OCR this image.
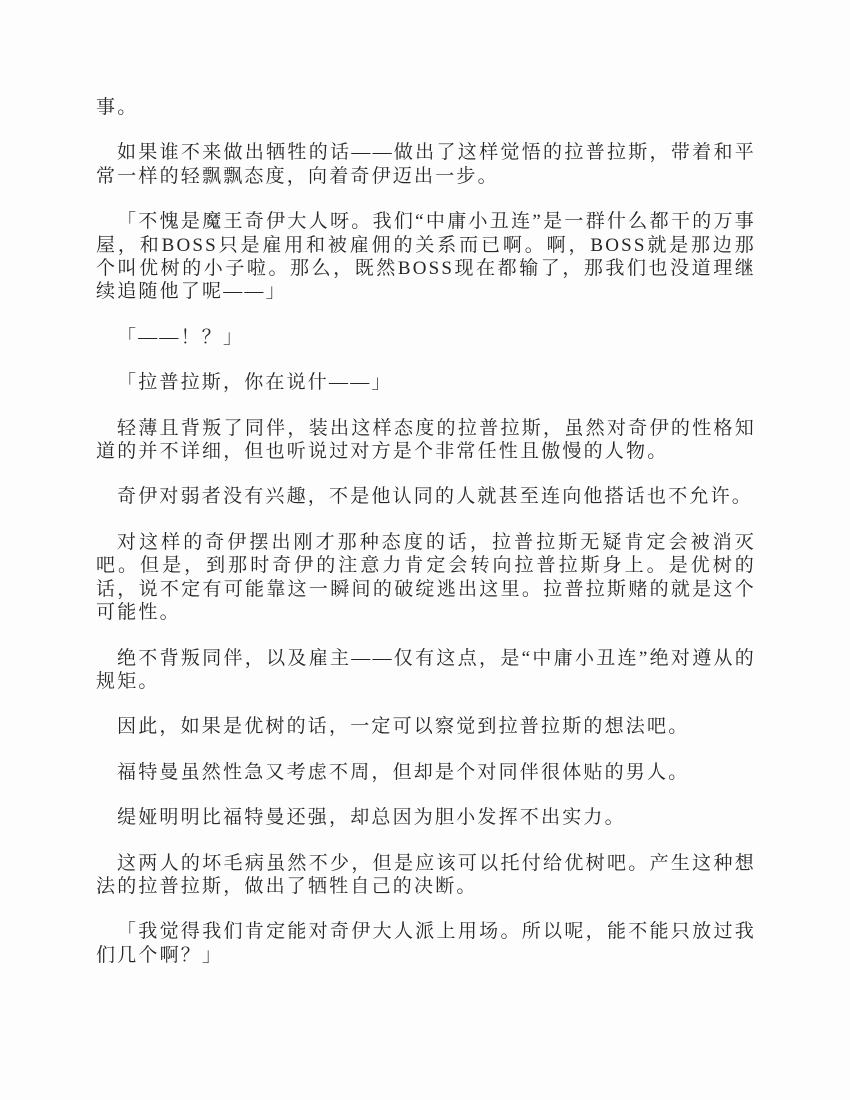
事。

如果谁不来做出牺牲的话——做出了这样觉悟的拉普拉斯，带着和平常一样的轻飘飘态度，向着奇伊迈出一步。

「不愧是魔王奇伊大人呀。我们“中庸小丑连”是一群什么都干的万事屋，和BOSS只是雇用和被雇佣的关系而已啊。啊，BOSS就是那边那个叫优树的小子啦。那么，既然BOSS现在都输了，那我们也没道理继续追随他了呢——」

「——！？」

「拉普拉斯，你在说什——」

轻薄且背叛了同伴，装出这样态度的拉普拉斯，虽然对奇伊的性格知道的并不详细，但也听说过对方是个非常任性且傲慢的人物。

奇伊对弱者没有兴趣，不是他认同的人就甚至连向他搭话也不允许。

对这样的奇伊摆出刚才那种态度的话，拉普拉斯无疑肯定会被消灭吧。但是，到那时奇伊的注意力肯定会转向拉普拉斯身上。是优树的话，说不定有可能靠这一瞬间的破绽逃出这里。拉普拉斯赌的就是这个可能性。

绝不背叛同伴，以及雇主——仅有这点，是“中庸小丑连”绝对遵从的规矩。

因此，如果是优树的话，一定可以察觉到拉普拉斯的想法吧。

福特曼虽然性急又考虑不周，但却是个对同伴很体贴的男人。

缇娅明明比福特曼还强，却总因为胆小发挥不出实力。

这两人的坏毛病虽然不少，但是应该可以托付给优树吧。产生这种想法的拉普拉斯，做出了牺牲自己的决断。

「我觉得我们肯定能对奇伊大人派上用场。所以呢，能不能只放过我们几个啊？」
